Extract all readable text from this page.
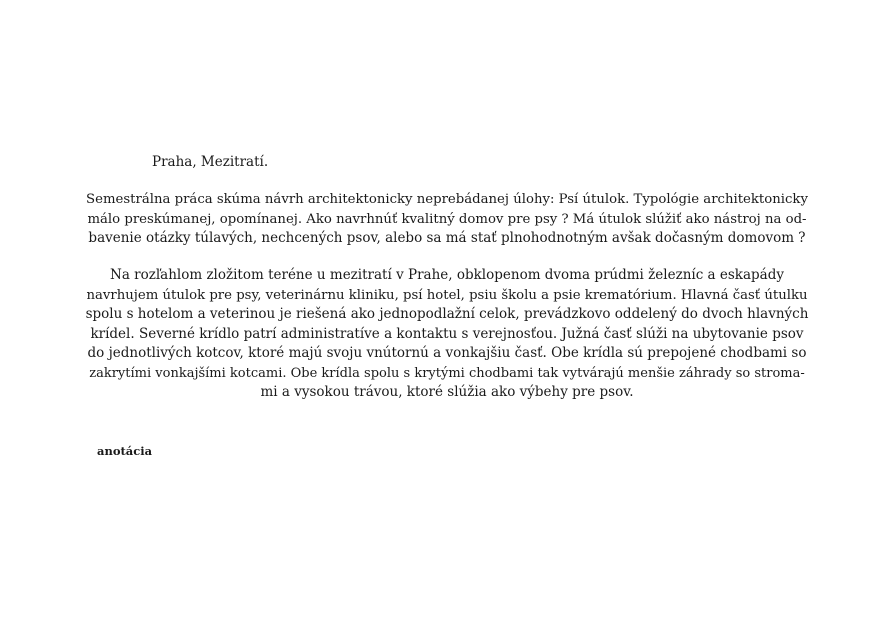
Praha, Mezitratí.
Semestrálna práca skúma návrh architektonicky neprebádanej úlohy: Psí útulok. Typológie architektonicky
málo preskúmanej, opomínanej. Ako navrhnúť kvalitný domov pre psy ? Má útulok slúžiť ako nástroj na od-
bavenie otázky túlavých, nechcených psov, alebo sa má stať plnohodnotným avšak dočasným domovom ?
Na rozľahlom zložitom teréne u mezitratí v Prahe, obklopenom dvoma prúdmi železníc a eskapády
navrhujem útulok pre psy, veterinárnu kliniku, psí hotel, psiu školu a psie krematórium. Hlavná časť útulku
spolu s hotelom a veterinou je riešená ako jednopodlažní celok, prevádzkovo oddelený do dvoch hlavných
krídel. Severné krídlo patrí administratíve a kontaktu s verejnosťou. Južná časť slúži na ubytovanie psov
do jednotlivých kotcov, ktoré majú svoju vnútornú a vonkajšiu časť. Obe krídla sú prepojené chodbami so
zakrytími vonkajšími kotcami. Obe krídla spolu s krytými chodbami tak vytvárajú menšie záhrady so stroma-
mi a vysokou trávou, ktoré slúžia ako výbehy pre psov.
anotácia
